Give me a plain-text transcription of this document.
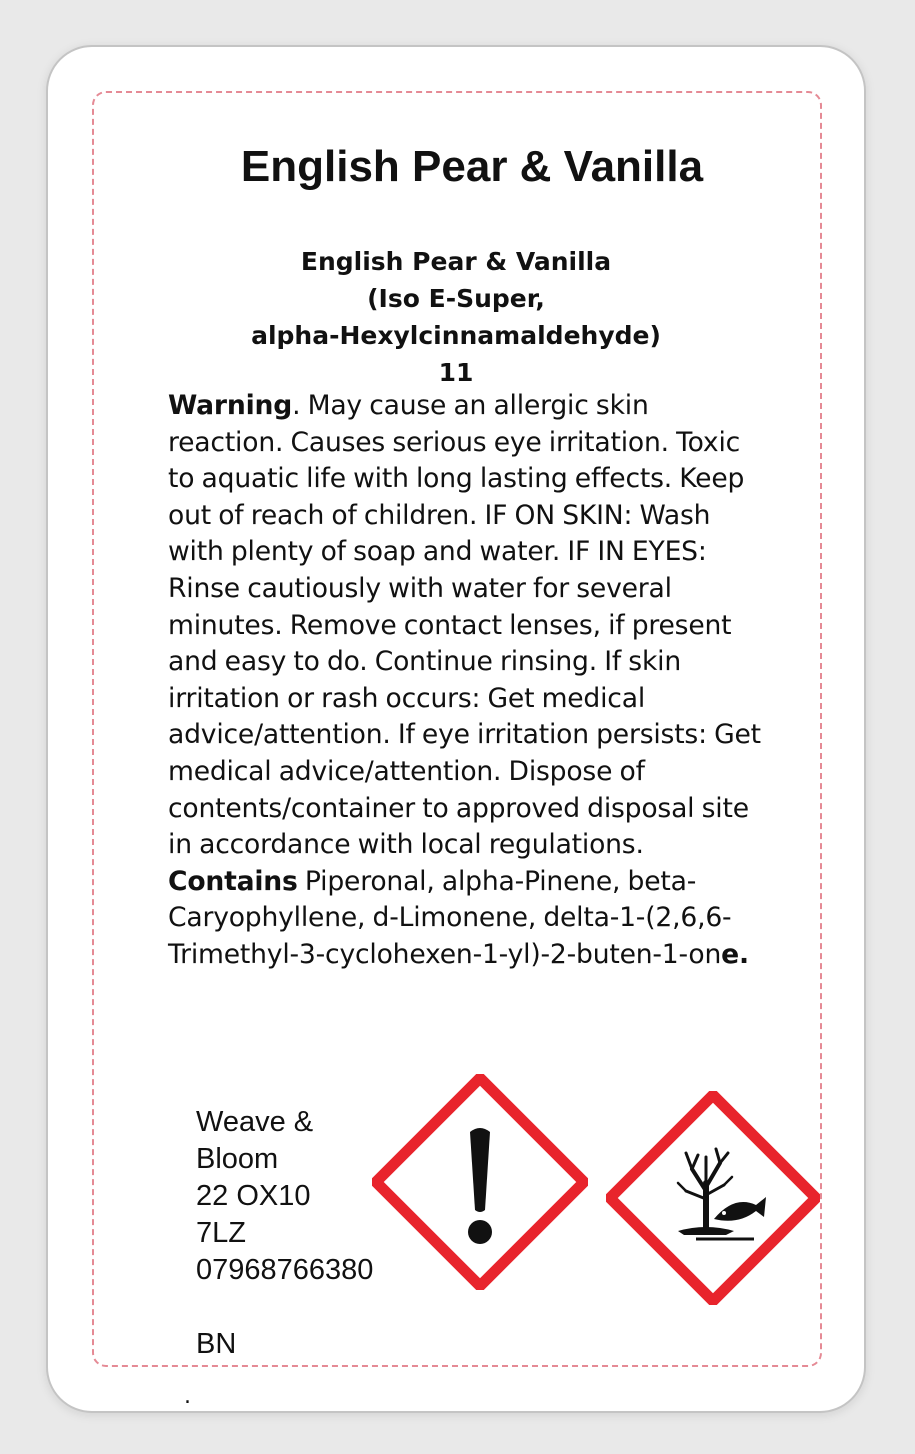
English Pear & Vanilla
English Pear & Vanilla
(Iso E-Super,
alpha-Hexylcinnamaldehyde)
11
Warning. May cause an allergic skin reaction. Causes serious eye irritation. Toxic to aquatic life with long lasting effects. Keep out of reach of children. IF ON SKIN: Wash with plenty of soap and water. IF IN EYES: Rinse cautiously with water for several minutes. Remove contact lenses, if present and easy to do. Continue rinsing. If skin irritation or rash occurs: Get medical advice/attention. If eye irritation persists: Get medical advice/attention. Dispose of contents/container to approved disposal site in accordance with local regulations.
Contains Piperonal, alpha-Pinene, beta-Caryophyllene, d-Limonene, delta-1-(2,6,6-Trimethyl-3-cyclohexen-1-yl)-2-buten-1-one.
Weave &
Bloom
22 OX10
7LZ
07968766380
BN
.
